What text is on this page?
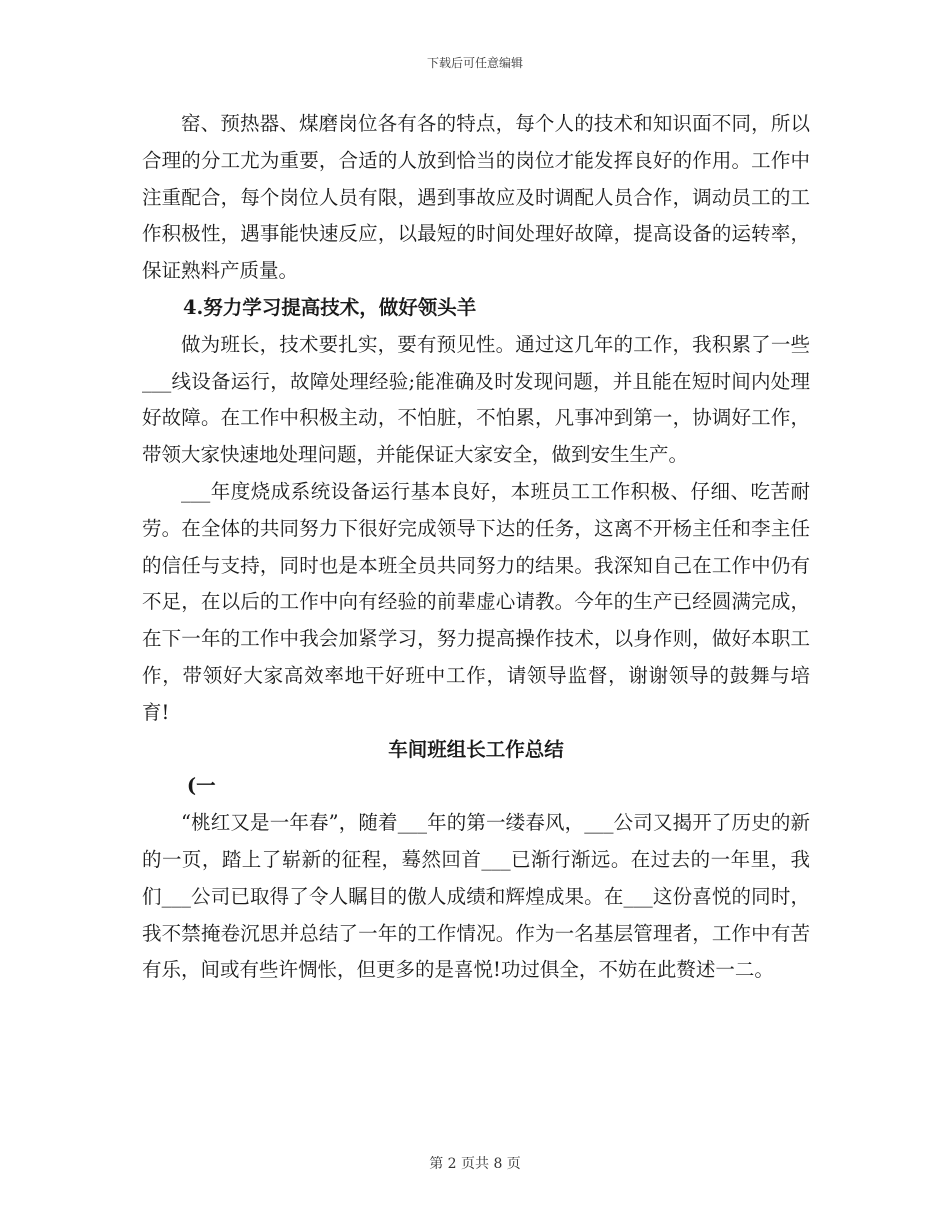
下载后可任意编辑

窑、预热器、煤磨岗位各有各的特点，每个人的技术和知识面不同，所以合理的分工尤为重要，合适的人放到恰当的岗位才能发挥良好的作用。工作中注重配合，每个岗位人员有限，遇到事故应及时调配人员合作，调动员工的工作积极性，遇事能快速反应，以最短的时间处理好故障，提高设备的运转率，保证熟料产质量。

4.努力学习提高技术，做好领头羊

做为班长，技术要扎实，要有预见性。通过这几年的工作，我积累了一些___线设备运行，故障处理经验;能准确及时发现问题，并且能在短时间内处理好故障。在工作中积极主动，不怕脏，不怕累，凡事冲到第一，协调好工作，带领大家快速地处理问题，并能保证大家安全，做到安生生产。

___年度烧成系统设备运行基本良好，本班员工工作积极、仔细、吃苦耐劳。在全体的共同努力下很好完成领导下达的任务，这离不开杨主任和李主任的信任与支持，同时也是本班全员共同努力的结果。我深知自己在工作中仍有不足，在以后的工作中向有经验的前辈虚心请教。今年的生产已经圆满完成，在下一年的工作中我会加紧学习，努力提高操作技术，以身作则，做好本职工作，带领好大家高效率地干好班中工作，请领导监督，谢谢领导的鼓舞与培育!

车间班组长工作总结

(一

“桃红又是一年春”，随着___年的第一缕春风，___公司又揭开了历史的新的一页，踏上了崭新的征程，蓦然回首___已渐行渐远。在过去的一年里，我们___公司已取得了令人瞩目的傲人成绩和辉煌成果。在___这份喜悦的同时，我不禁掩卷沉思并总结了一年的工作情况。作为一名基层管理者，工作中有苦有乐，间或有些许惆怅，但更多的是喜悦!功过俱全，不妨在此赘述一二。

第 2 页共 8 页
